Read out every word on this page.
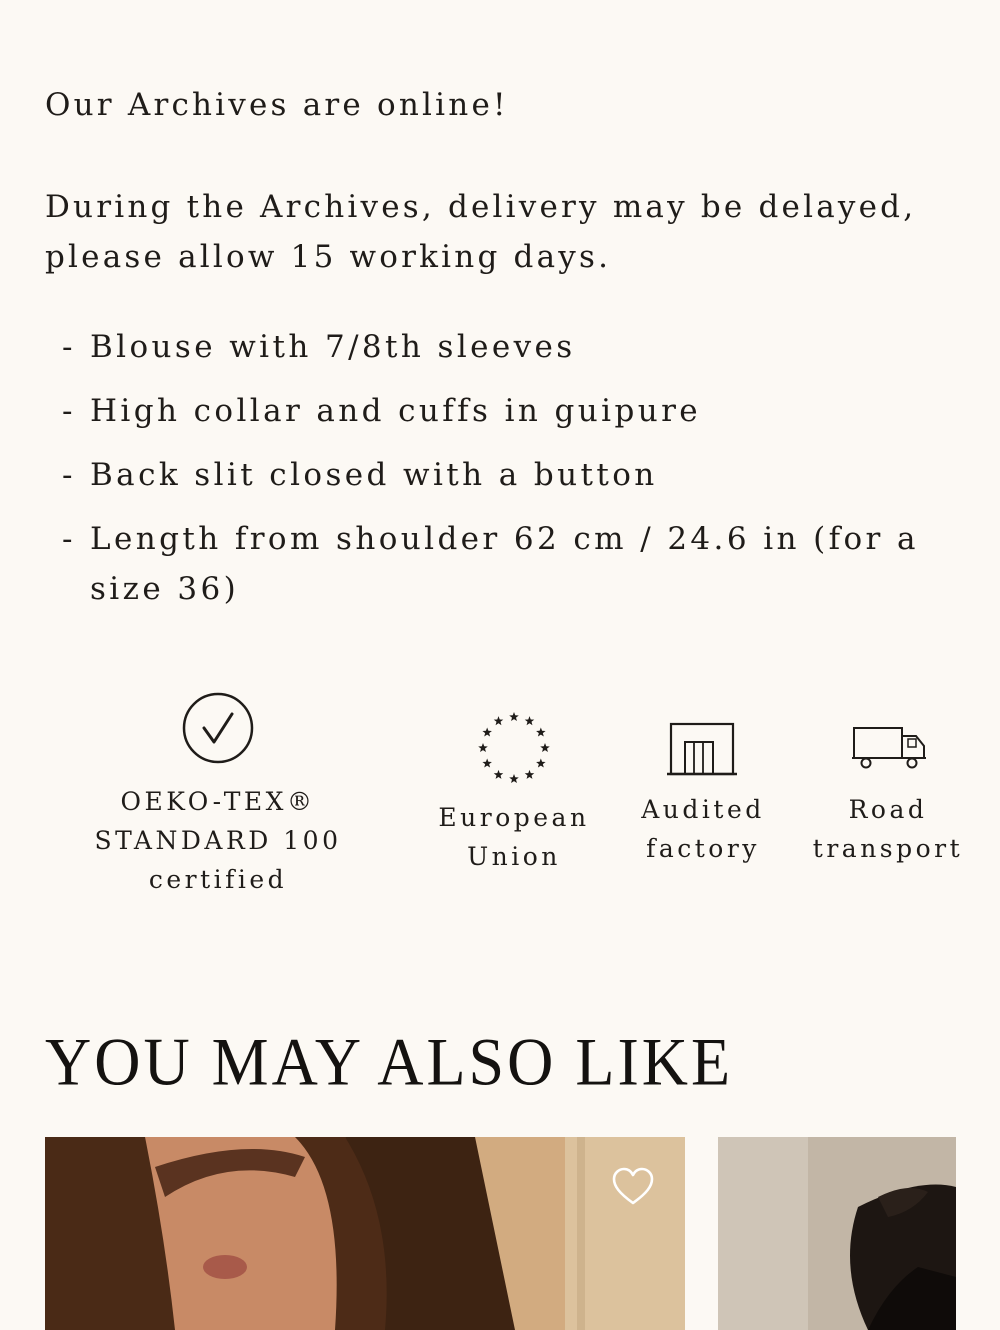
Our Archives are online!

During the Archives, delivery may be delayed,

please allow 15 working days.

- Blouse with 7/8th sleeves
- High collar and cuffs in guipure
- Back slit closed with a button
- Length from shoulder 62 cm / 24.6 in (for a size 36)
OEKO-TEX®
STANDARD 100
certified
European
Union
Audited
factory
Road
transport
YOU MAY ALSO LIKE
